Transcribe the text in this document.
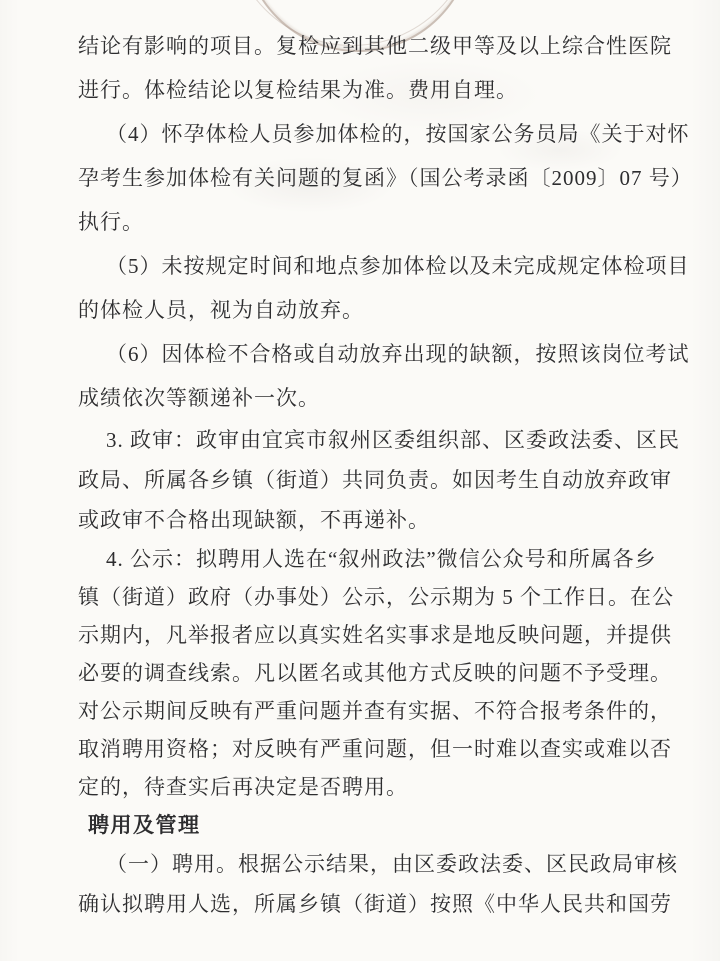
结论有影响的项目。复检应到其他二级甲等及以上综合性医院
进行。体检结论以复检结果为准。费用自理。
（4）怀孕体检人员参加体检的，按国家公务员局《关于对怀
孕考生参加体检有关问题的复函》（国公考录函〔2009〕07 号）
执行。
（5）未按规定时间和地点参加体检以及未完成规定体检项目
的体检人员，视为自动放弃。
（6）因体检不合格或自动放弃出现的缺额，按照该岗位考试
成绩依次等额递补一次。
3. 政审：政审由宜宾市叙州区委组织部、区委政法委、区民
政局、所属各乡镇（街道）共同负责。如因考生自动放弃政审
或政审不合格出现缺额，不再递补。
4. 公示：拟聘用人选在“叙州政法”微信公众号和所属各乡
镇（街道）政府（办事处）公示，公示期为 5 个工作日。在公
示期内，凡举报者应以真实姓名实事求是地反映问题，并提供
必要的调查线索。凡以匿名或其他方式反映的问题不予受理。
对公示期间反映有严重问题并查有实据、不符合报考条件的，
取消聘用资格；对反映有严重问题，但一时难以查实或难以否
定的，待查实后再决定是否聘用。
聘用及管理
（一）聘用。根据公示结果，由区委政法委、区民政局审核
确认拟聘用人选，所属乡镇（街道）按照《中华人民共和国劳
